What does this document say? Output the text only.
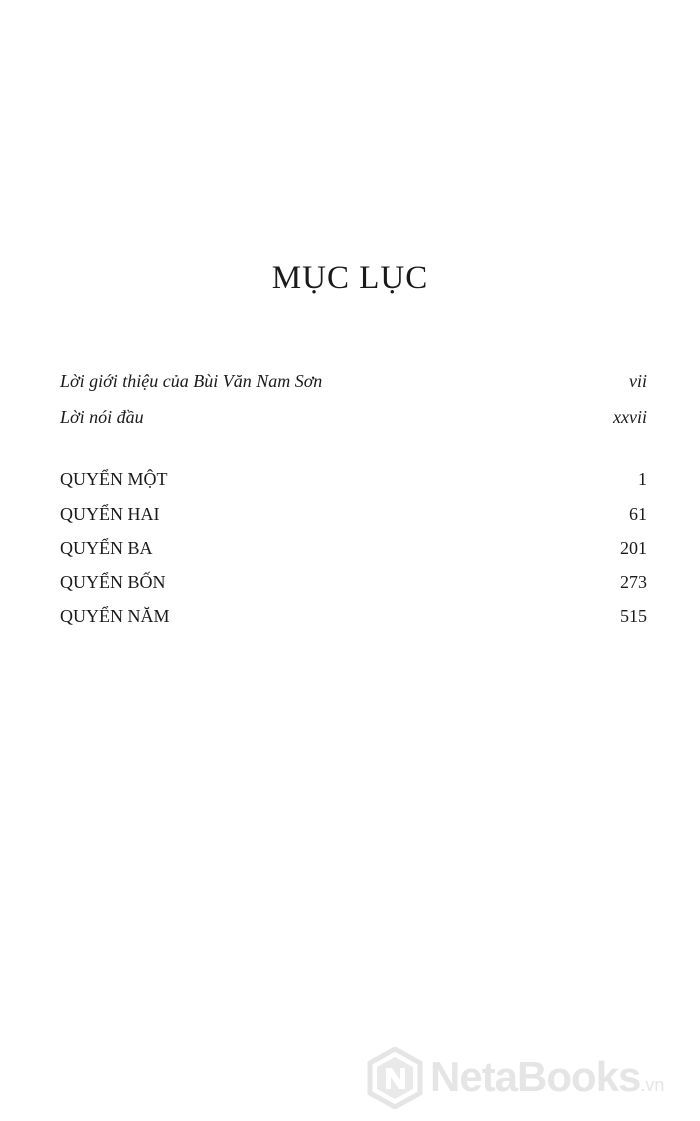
MỤC LỤC
Lời giới thiệu của Bùi Văn Nam Sơn	vii
Lời nói đầu	xxvii
QUYỂN MỘT	1
QUYỂN HAI	61
QUYỂN BA	201
QUYỂN BỐN	273
QUYỂN NĂM	515
NetaBooks.vn
